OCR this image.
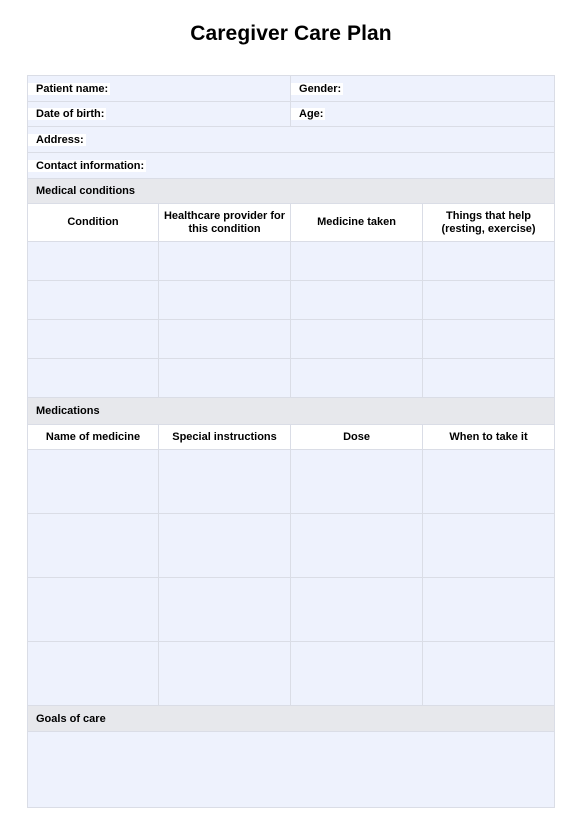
Caregiver Care Plan
Patient name:		Gender:	

Date of birth:		Age:	

Address:			

Contact information:			

Medical conditions			
Condition	Healthcare provider for this condition	Medicine taken	Things that help (resting, exercise)

Medications			
Name of medicine	Special instructions	Dose	When to take it

Goals of care			
